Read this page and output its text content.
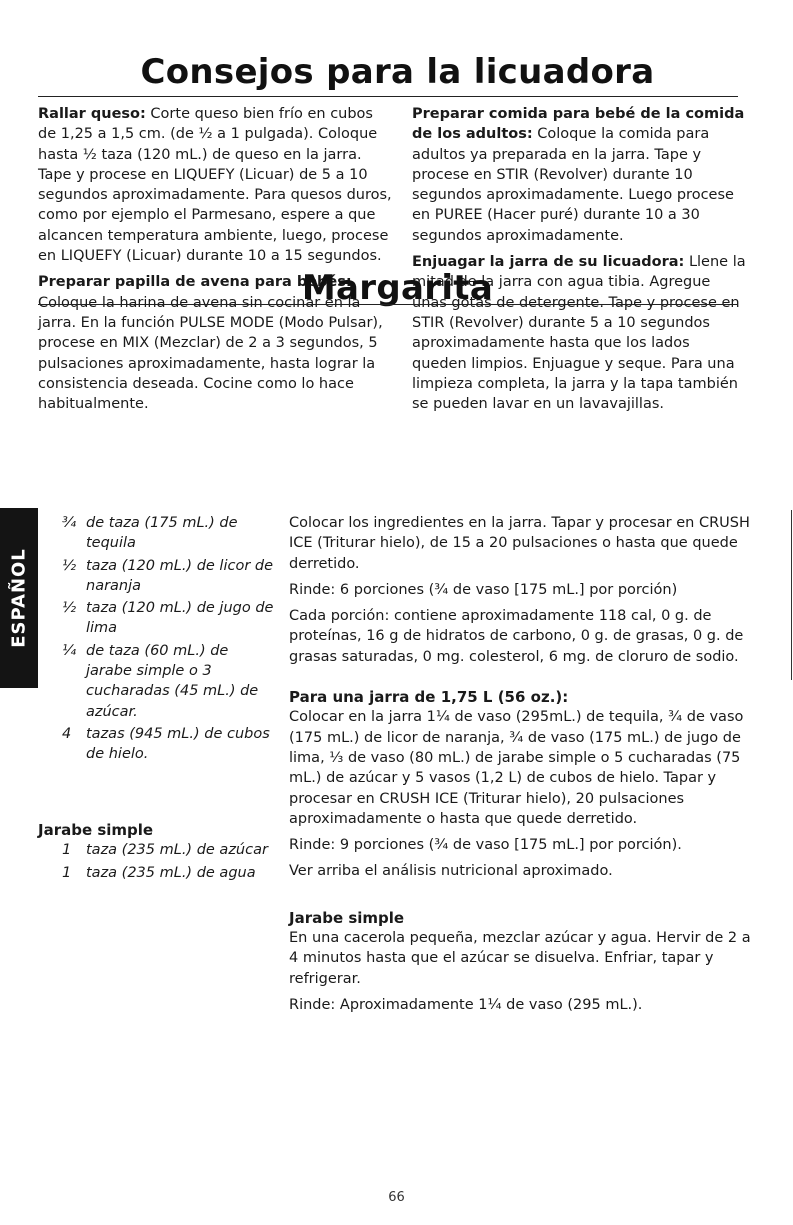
Consejos para la licuadora

Rallar queso: Corte queso bien frío en cubos de 1,25 a 1,5 cm. (de ½ a 1 pulgada). Coloque hasta ½ taza (120 mL.) de queso en la jarra. Tape y procese en LIQUEFY (Licuar) de 5 a 10 segundos aproximadamente. Para quesos duros, como por ejemplo el Parmesano, espere a que alcancen temperatura ambiente, luego, procese en LIQUEFY (Licuar) durante 10 a 15 segundos.

Preparar papilla de avena para bebés: Coloque la harina de avena sin cocinar en la jarra. En la función PULSE MODE (Modo Pulsar), procese en MIX (Mezclar) de 2 a 3 segundos, 5 pulsaciones aproximadamente, hasta lograr la consistencia deseada. Cocine como lo hace habitualmente.

Preparar comida para bebé de la comida de los adultos: Coloque la comida para adultos ya preparada en la jarra. Tape y procese en STIR (Revolver) durante 10 segundos aproximadamente. Luego procese en PUREE (Hacer puré) durante 10 a 30 segundos aproximadamente.

Enjuagar la jarra de su licuadora: Llene la mitad de la jarra con agua tibia. Agregue unas gotas de detergente. Tape y procese en STIR (Revolver) durante 5 a 10 segundos aproximadamente hasta que los lados queden limpios. Enjuague y seque. Para una limpieza completa, la jarra y la tapa también se pueden lavar en un lavavajillas.

Margarita
ESPAÑOL
¾ de taza (175 mL.) de tequila
½ taza (120 mL.) de licor de naranja
½ taza (120 mL.) de jugo de lima
¼ de taza (60 mL.) de jarabe simple o 3 cucharadas (45 mL.) de azúcar.
4 tazas (945 mL.) de cubos de hielo.
Jarabe simple
1 taza (235 mL.) de azúcar
1 taza (235 mL.) de agua

Colocar los ingredientes en la jarra. Tapar y procesar en CRUSH ICE (Triturar hielo), de 15 a 20 pulsaciones o hasta que quede derretido.

Rinde: 6 porciones (¾ de vaso [175 mL.] por porción)

Cada porción: contiene aproximadamente 118 cal, 0 g. de proteínas, 16 g de hidratos de carbono, 0 g. de grasas, 0 g. de grasas saturadas, 0 mg. colesterol, 6 mg. de cloruro de sodio.

Para una jarra de 1,75 L (56 oz.):

Colocar en la jarra 1¼ de vaso (295mL.) de tequila, ¾ de vaso (175 mL.) de licor de naranja, ¾ de vaso (175 mL.) de jugo de lima, ⅓ de vaso (80 mL.) de jarabe simple o 5 cucharadas (75 mL.) de azúcar y 5 vasos (1,2 L) de cubos de hielo. Tapar y procesar en CRUSH ICE (Triturar hielo), 20 pulsaciones aproximadamente o hasta que quede derretido.

Rinde: 9 porciones (¾ de vaso [175 mL.] por porción).

Ver arriba el análisis nutricional aproximado.

Jarabe simple

En una cacerola pequeña, mezclar azúcar y agua. Hervir de 2 a 4 minutos hasta que el azúcar se disuelva. Enfriar, tapar y refrigerar.

Rinde: Aproximadamente 1¼ de vaso (295 mL.).

66
